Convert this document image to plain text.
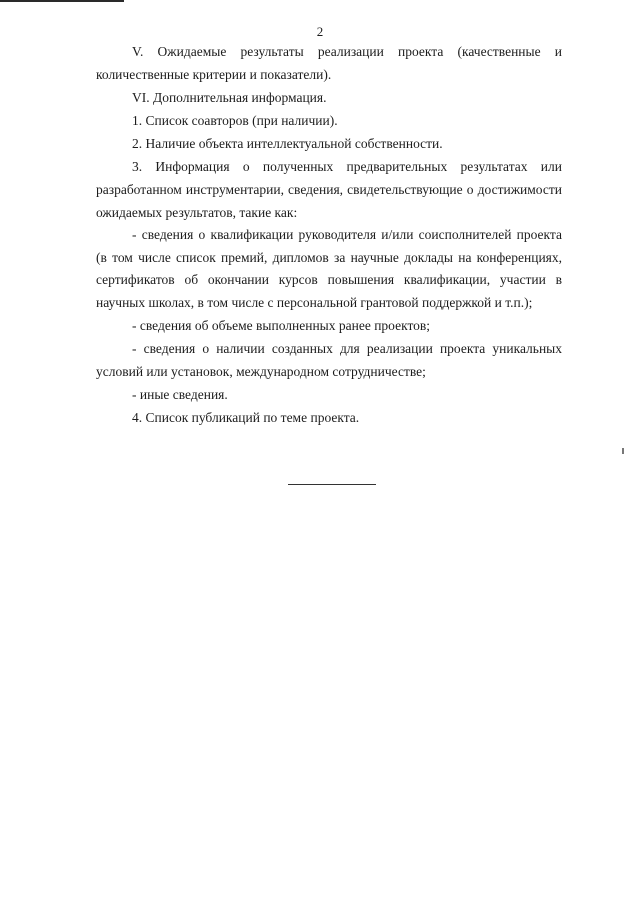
2

V. Ожидаемые результаты реализации проекта (качественные и количественные критерии и показатели).

VI. Дополнительная информация.

1. Список соавторов (при наличии).

2. Наличие объекта интеллектуальной собственности.

3. Информация о полученных предварительных результатах или разработанном инструментарии, сведения, свидетельствующие о достижимости ожидаемых результатов, такие как:

- сведения о квалификации руководителя и/или соисполнителей проекта (в том числе список премий, дипломов за научные доклады на конференциях, сертификатов об окончании курсов повышения квалификации, участии в научных школах, в том числе с персональной грантовой поддержкой и т.п.);

- сведения об объеме выполненных ранее проектов;

- сведения о наличии созданных для реализации проекта уникальных условий или установок, международном сотрудничестве;

- иные сведения.

4. Список публикаций по теме проекта.
